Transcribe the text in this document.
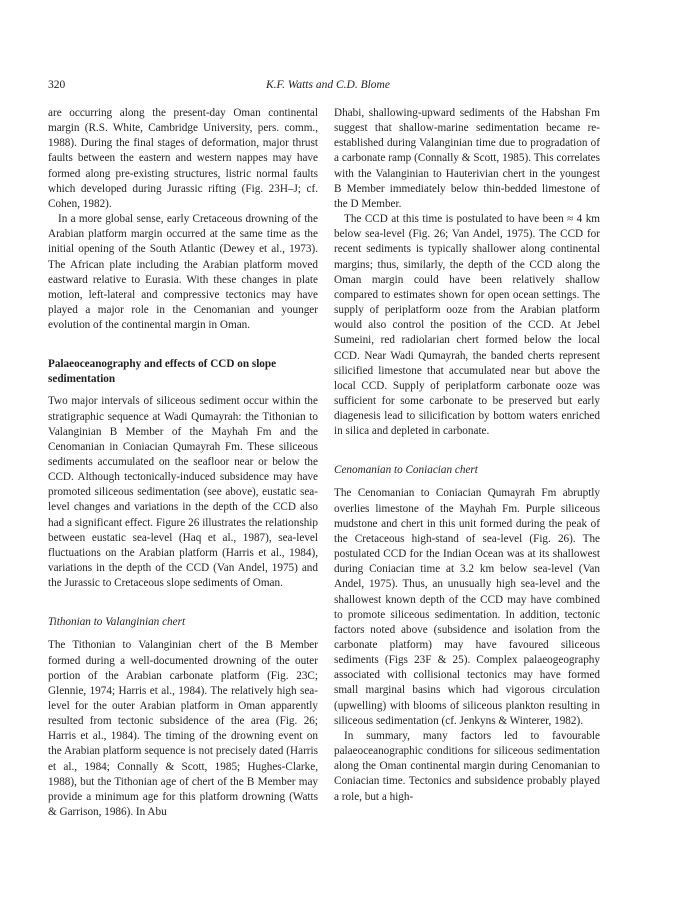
320	K.F. Watts and C.D. Blome

are occurring along the present-day Oman continental margin (R.S. White, Cambridge University, pers. comm., 1988). During the final stages of deformation, major thrust faults between the eastern and western nappes may have formed along pre-existing structures, listric normal faults which developed during Jurassic rifting (Fig. 23H–J; cf. Cohen, 1982).

In a more global sense, early Cretaceous drowning of the Arabian platform margin occurred at the same time as the initial opening of the South Atlantic (Dewey et al., 1973). The African plate including the Arabian platform moved eastward relative to Eurasia. With these changes in plate motion, left-lateral and compressive tectonics may have played a major role in the Cenomanian and younger evolution of the continental margin in Oman.

Palaeoceanography and effects of CCD on slope sedimentation

Two major intervals of siliceous sediment occur within the stratigraphic sequence at Wadi Qumayrah: the Tithonian to Valanginian B Member of the Mayhah Fm and the Cenomanian in Coniacian Qumayrah Fm. These siliceous sediments accumulated on the seafloor near or below the CCD. Although tectonically-induced subsidence may have promoted siliceous sedimentation (see above), eustatic sea-level changes and variations in the depth of the CCD also had a significant effect. Figure 26 illustrates the relationship between eustatic sea-level (Haq et al., 1987), sea-level fluctuations on the Arabian platform (Harris et al., 1984), variations in the depth of the CCD (Van Andel, 1975) and the Jurassic to Cretaceous slope sediments of Oman.

Tithonian to Valanginian chert

The Tithonian to Valanginian chert of the B Member formed during a well-documented drowning of the outer portion of the Arabian carbonate platform (Fig. 23C; Glennie, 1974; Harris et al., 1984). The relatively high sea-level for the outer Arabian platform in Oman apparently resulted from tectonic subsidence of the area (Fig. 26; Harris et al., 1984). The timing of the drowning event on the Arabian platform sequence is not precisely dated (Harris et al., 1984; Connally & Scott, 1985; Hughes-Clarke, 1988), but the Tithonian age of chert of the B Member may provide a minimum age for this platform drowning (Watts & Garrison, 1986). In Abu

Dhabi, shallowing-upward sediments of the Habshan Fm suggest that shallow-marine sedimentation became re-established during Valanginian time due to progradation of a carbonate ramp (Connally & Scott, 1985). This correlates with the Valanginian to Hauterivian chert in the youngest B Member immediately below thin-bedded limestone of the D Member.

The CCD at this time is postulated to have been ≈ 4 km below sea-level (Fig. 26; Van Andel, 1975). The CCD for recent sediments is typically shallower along continental margins; thus, similarly, the depth of the CCD along the Oman margin could have been relatively shallow compared to estimates shown for open ocean settings. The supply of periplatform ooze from the Arabian platform would also control the position of the CCD. At Jebel Sumeini, red radiolarian chert formed below the local CCD. Near Wadi Qumayrah, the banded cherts represent silicified limestone that accumulated near but above the local CCD. Supply of periplatform carbonate ooze was sufficient for some carbonate to be preserved but early diagenesis lead to silicification by bottom waters enriched in silica and depleted in carbonate.

Cenomanian to Coniacian chert

The Cenomanian to Coniacian Qumayrah Fm abruptly overlies limestone of the Mayhah Fm. Purple siliceous mudstone and chert in this unit formed during the peak of the Cretaceous high-stand of sea-level (Fig. 26). The postulated CCD for the Indian Ocean was at its shallowest during Coniacian time at 3.2 km below sea-level (Van Andel, 1975). Thus, an unusually high sea-level and the shallowest known depth of the CCD may have combined to promote siliceous sedimentation. In addition, tectonic factors noted above (subsidence and isolation from the carbonate platform) may have favoured siliceous sediments (Figs 23F & 25). Complex palaeogeography associated with collisional tectonics may have formed small marginal basins which had vigorous circulation (upwelling) with blooms of siliceous plankton resulting in siliceous sedimentation (cf. Jenkyns & Winterer, 1982).

In summary, many factors led to favourable palaeoceanographic conditions for siliceous sedimentation along the Oman continental margin during Cenomanian to Coniacian time. Tectonics and subsidence probably played a role, but a high-
